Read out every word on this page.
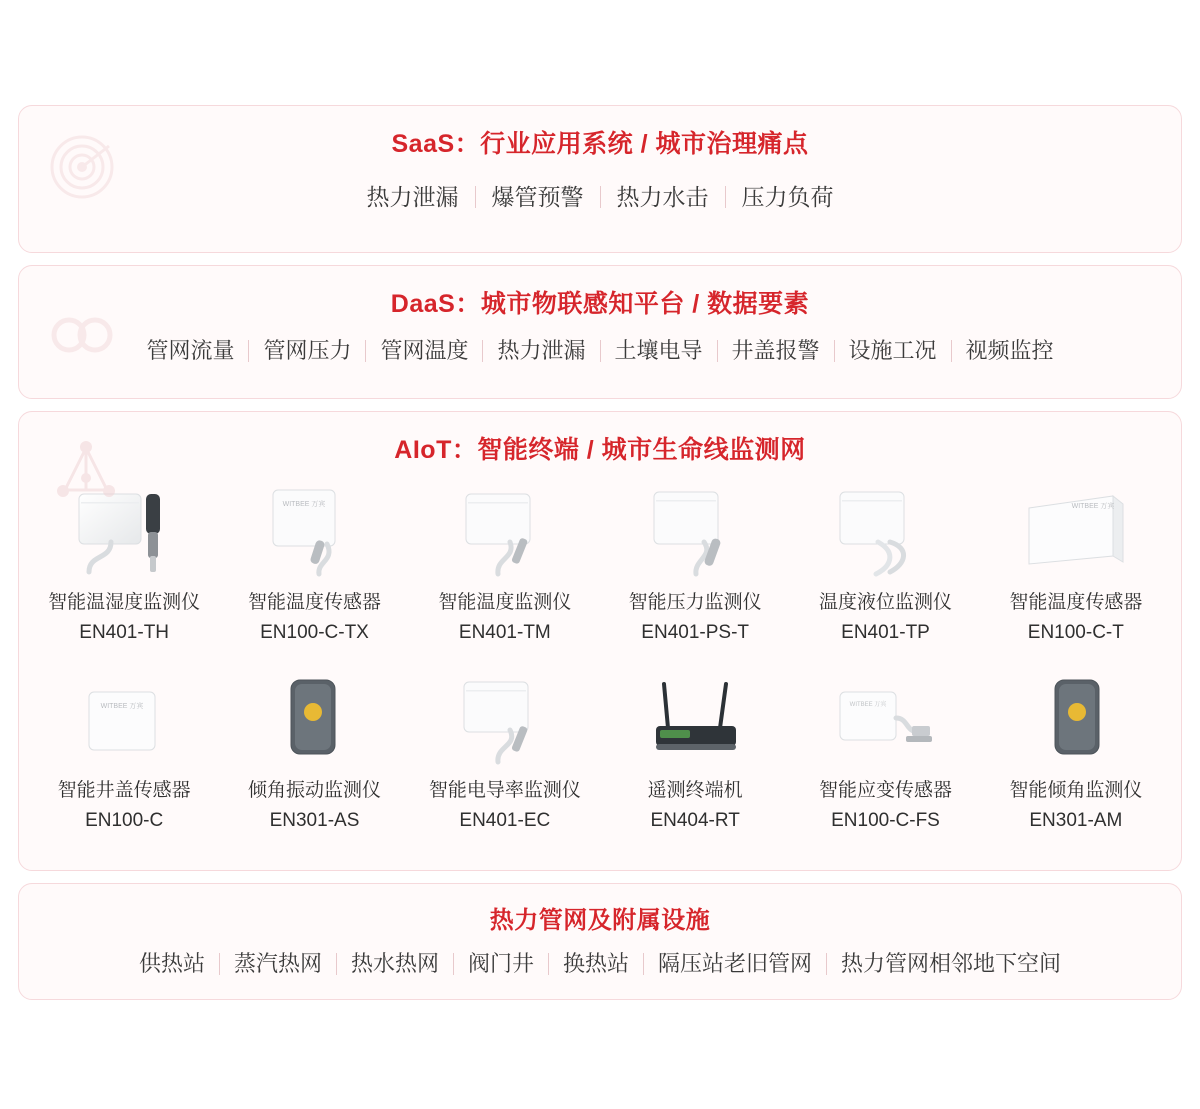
SaaS：行业应用系统 / 城市治理痛点
热力泄漏	爆管预警	热力水击	压力负荷
DaaS：城市物联感知平台 / 数据要素
管网流量	管网压力	管网温度	热力泄漏	土壤电导	井盖报警	设施工况	视频监控
AIoT：智能终端 / 城市生命线监测网
智能温湿度监测仪
EN401-TH
WITBEE 万宾
智能温度传感器
EN100-C-TX
智能温度监测仪
EN401-TM
智能压力监测仪
EN401-PS-T
温度液位监测仪
EN401-TP
WITBEE 万宾
智能温度传感器
EN100-C-T
WITBEE 万宾
智能井盖传感器
EN100-C
倾角振动监测仪
EN301-AS
智能电导率监测仪
EN401-EC
遥测终端机
EN404-RT
WITBEE 万宾
智能应变传感器
EN100-C-FS
智能倾角监测仪
EN301-AM
热力管网及附属设施
供热站	蒸汽热网	热水热网	阀门井	换热站	隔压站老旧管网	热力管网相邻地下空间
